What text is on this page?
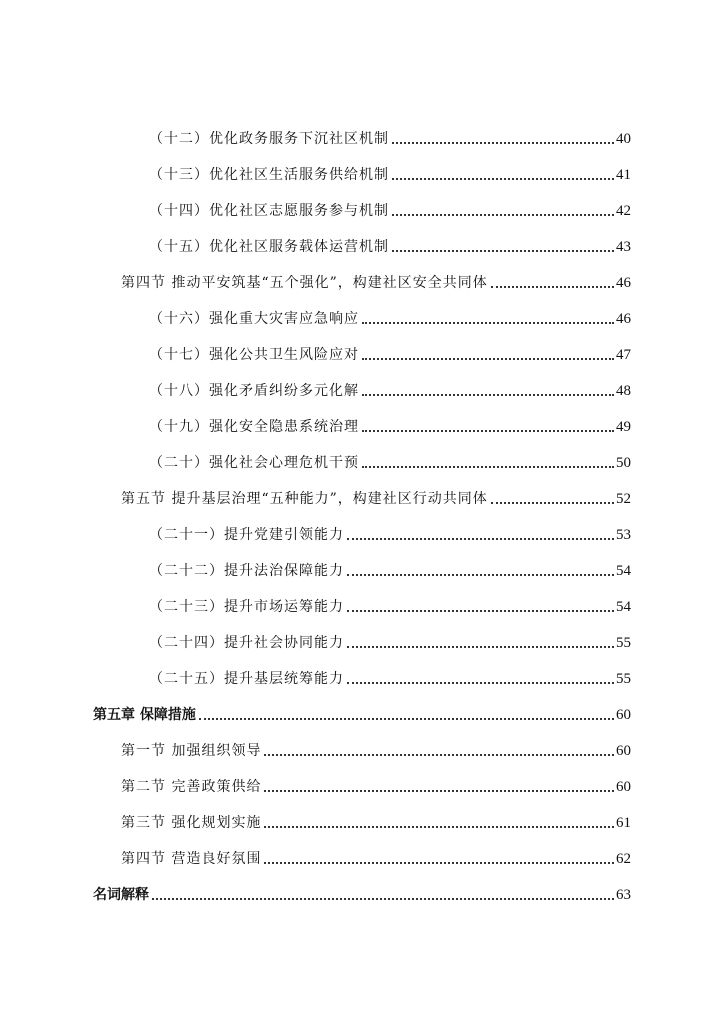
（十二）优化政务服务下沉社区机制	40
（十三）优化社区生活服务供给机制	41
（十四）优化社区志愿服务参与机制	42
（十五）优化社区服务载体运营机制	43
第四节 推动平安筑基“五个强化”，构建社区安全共同体	46
（十六）强化重大灾害应急响应	46
（十七）强化公共卫生风险应对	47
（十八）强化矛盾纠纷多元化解	48
（十九）强化安全隐患系统治理	49
（二十）强化社会心理危机干预	50
第五节 提升基层治理“五种能力”，构建社区行动共同体	52
（二十一）提升党建引领能力	53
（二十二）提升法治保障能力	54
（二十三）提升市场运筹能力	54
（二十四）提升社会协同能力	55
（二十五）提升基层统筹能力	55
第五章 保障措施	60
第一节 加强组织领导	60
第二节 完善政策供给	60
第三节 强化规划实施	61
第四节 营造良好氛围	62
名词解释	63
